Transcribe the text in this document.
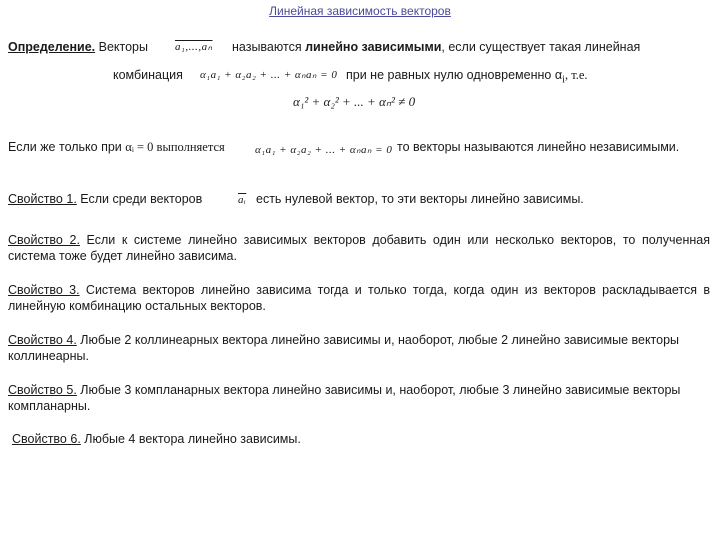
Линейная зависимость векторов
Определение. Векторы a₁,...,aₙ называются линейно зависимыми, если существует такая линейная
комбинация α₁a₁ + α₂a₂ + ... + αₙaₙ = 0 при не равных нулю одновременно $\alpha_i$, т.е.
α₁² + α₂² + ... + αₙ² ≠ 0
Если же только при αᵢ = 0 выполняется	α₁a₁ + α₂a₂ + ... + αₙaₙ = 0 то векторы называются линейно независимыми.
Свойство 1. Если среди векторов	$\overline{aᵢ}$ есть нулевой вектор, то эти векторы линейно зависимы.
Свойство 2. Если к системе линейно зависимых векторов добавить один или несколько векторов, то полученная система тоже будет линейно зависима.
Свойство 3. Система векторов линейно зависима тогда и только тогда, когда один из векторов раскладывается в линейную комбинацию остальных векторов.
Свойство 4. Любые 2 коллинеарных вектора линейно зависимы и, наоборот, любые 2 линейно зависимые векторы коллинеарны.
Свойство 5. Любые 3 компланарных вектора линейно зависимы и, наоборот, любые 3 линейно зависимые векторы компланарны.
Свойство 6. Любые 4 вектора линейно зависимы.
